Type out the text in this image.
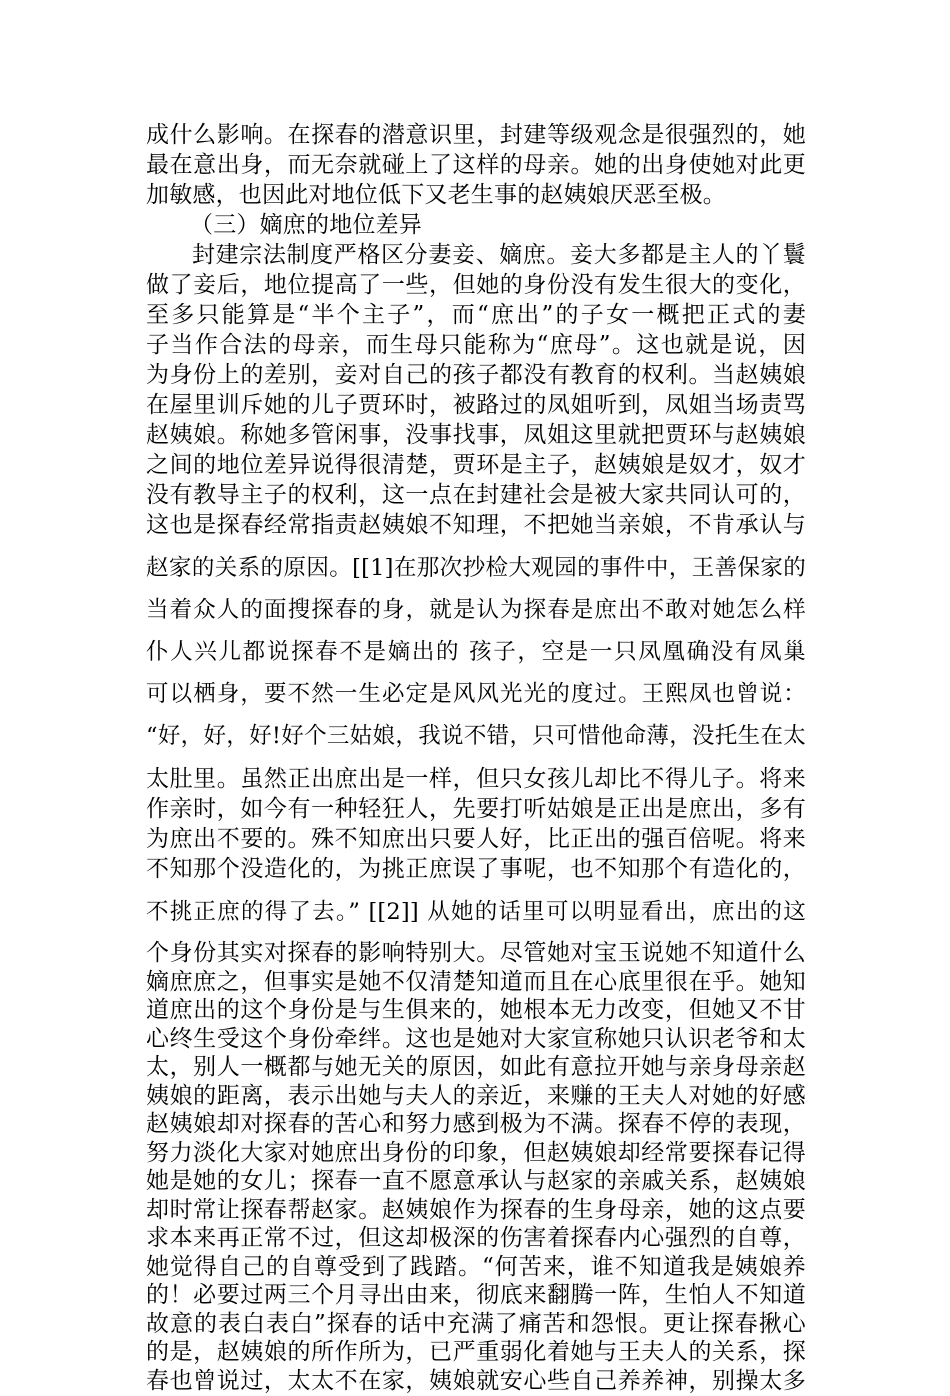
成什么影响。在探春的潜意识里，封建等级观念是很强烈的，她
最在意出身，而无奈就碰上了这样的母亲。她的出身使她对此更
加敏感，也因此对地位低下又老生事的赵姨娘厌恶至极。
（三）嫡庶的地位差异
封建宗法制度严格区分妻妾、嫡庶。妾大多都是主人的丫鬟
做了妾后，地位提高了一些，但她的身份没有发生很大的变化，
至多只能算是“半个主子”，而“庶出”的子女一概把正式的妻
子当作合法的母亲，而生母只能称为“庶母”。这也就是说，因
为身份上的差别，妾对自己的孩子都没有教育的权利。当赵姨娘
在屋里训斥她的儿子贾环时，被路过的凤姐听到，凤姐当场责骂
赵姨娘。称她多管闲事，没事找事，凤姐这里就把贾环与赵姨娘
之间的地位差异说得很清楚，贾环是主子，赵姨娘是奴才，奴才
没有教导主子的权利，这一点在封建社会是被大家共同认可的，
这也是探春经常指责赵姨娘不知理，不把她当亲娘，不肯承认与
赵家的关系的原因。[[1]在那次抄检大观园的事件中，王善保家的
当着众人的面搜探春的身，就是认为探春是庶出不敢对她怎么样
仆人兴儿都说探春不是嫡出的 孩子，空是一只凤凰确没有凤巢
可以栖身，要不然一生必定是风风光光的度过。王熙凤也曾说：
“好，好，好!好个三姑娘，我说不错，只可惜他命薄，没托生在太
太肚里。虽然正出庶出是一样，但只女孩儿却比不得儿子。将来
作亲时，如今有一种轻狂人，先要打听姑娘是正出是庶出，多有
为庶出不要的。殊不知庶出只要人好，比正出的强百倍呢。将来
不知那个没造化的，为挑正庶误了事呢，也不知那个有造化的，
不挑正庶的得了去。” [[2]] 从她的话里可以明显看出，庶出的这
个身份其实对探春的影响特别大。尽管她对宝玉说她不知道什么
嫡庶庶之，但事实是她不仅清楚知道而且在心底里很在乎。她知
道庶出的这个身份是与生俱来的，她根本无力改变，但她又不甘
心终生受这个身份牵绊。这也是她对大家宣称她只认识老爷和太
太，别人一概都与她无关的原因，如此有意拉开她与亲身母亲赵
姨娘的距离，表示出她与夫人的亲近，来赚的王夫人对她的好感
赵姨娘却对探春的苦心和努力感到极为不满。探春不停的表现，
努力淡化大家对她庶出身份的印象，但赵姨娘却经常要探春记得
她是她的女儿；探春一直不愿意承认与赵家的亲戚关系，赵姨娘
却时常让探春帮赵家。赵姨娘作为探春的生身母亲，她的这点要
求本来再正常不过，但这却极深的伤害着探春内心强烈的自尊，
她觉得自己的自尊受到了践踏。“何苦来，谁不知道我是姨娘养
的！必要过两三个月寻出由来，彻底来翻腾一阵，生怕人不知道
故意的表白表白”探春的话中充满了痛苦和怨恨。更让探春揪心
的是，赵姨娘的所作所为，已严重弱化着她与王夫人的关系，探
春也曾说过，太太不在家，姨娘就安心些自己养养神，别操太多
